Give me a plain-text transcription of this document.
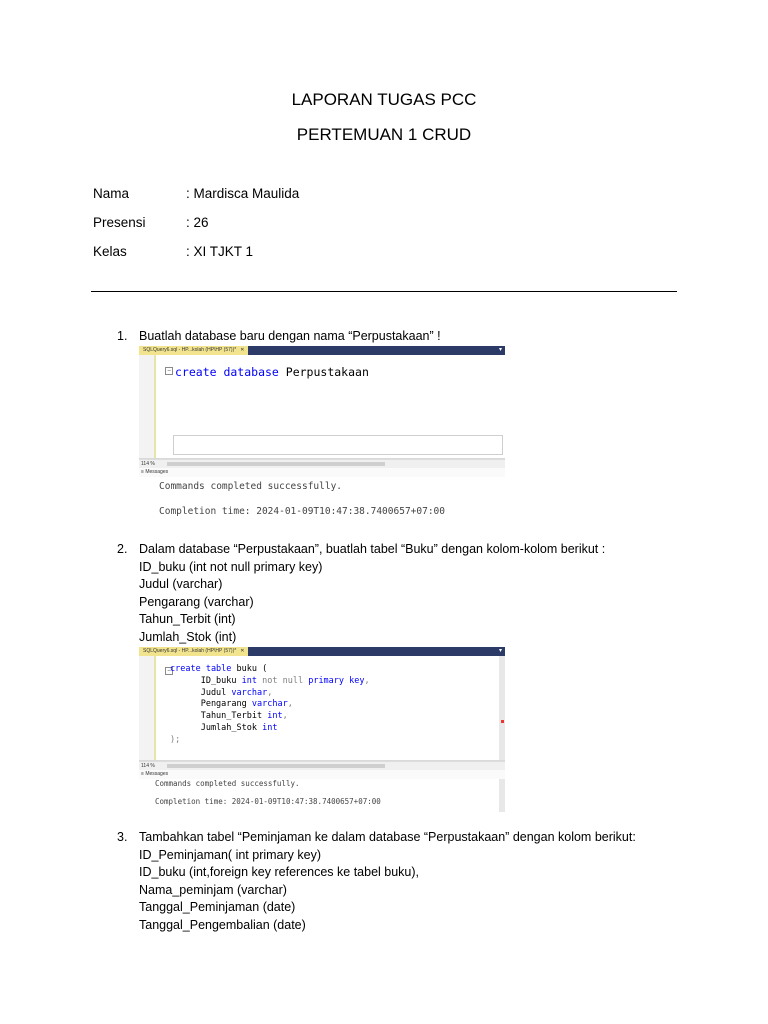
LAPORAN TUGAS PCC
PERTEMUAN 1 CRUD
Nama	: Mardisca Maulida
Presensi	: 26
Kelas	: XI TJKT 1
1. Buatlah database baru dengan nama “Perpustakaan” !
SQLQuery6.sql - HP...kolah (HP\HP (57))* ✕	▾
− create database Perpustakaan
114 %
≡ Messages

Commands completed successfully.

Completion time: 2024-01-09T10:47:38.7400657+07:00

2. Dalam database “Perpustakaan”, buatlah tabel “Buku” dengan kolom-kolom berikut :
ID_buku (int not null primary key)
Judul (varchar)
Pengarang (varchar)
Tahun_Terbit (int)
Jumlah_Stok (int)
SQLQuery6.sql - HP...kolah (HP\HP (57))* ✕	▾
− create table buku (
ID_buku int not null primary key,
Judul varchar,
Pengarang varchar,
Tahun_Terbit int,
Jumlah_Stok int
);
114 %
≡ Messages

Commands completed successfully.

Completion time: 2024-01-09T10:47:38.7400657+07:00

3. Tambahkan tabel “Peminjaman ke dalam database “Perpustakaan” dengan kolom berikut:
ID_Peminjaman( int primary key)
ID_buku (int,foreign key references ke tabel buku),
Nama_peminjam (varchar)
Tanggal_Peminjaman (date)
Tanggal_Pengembalian (date)
